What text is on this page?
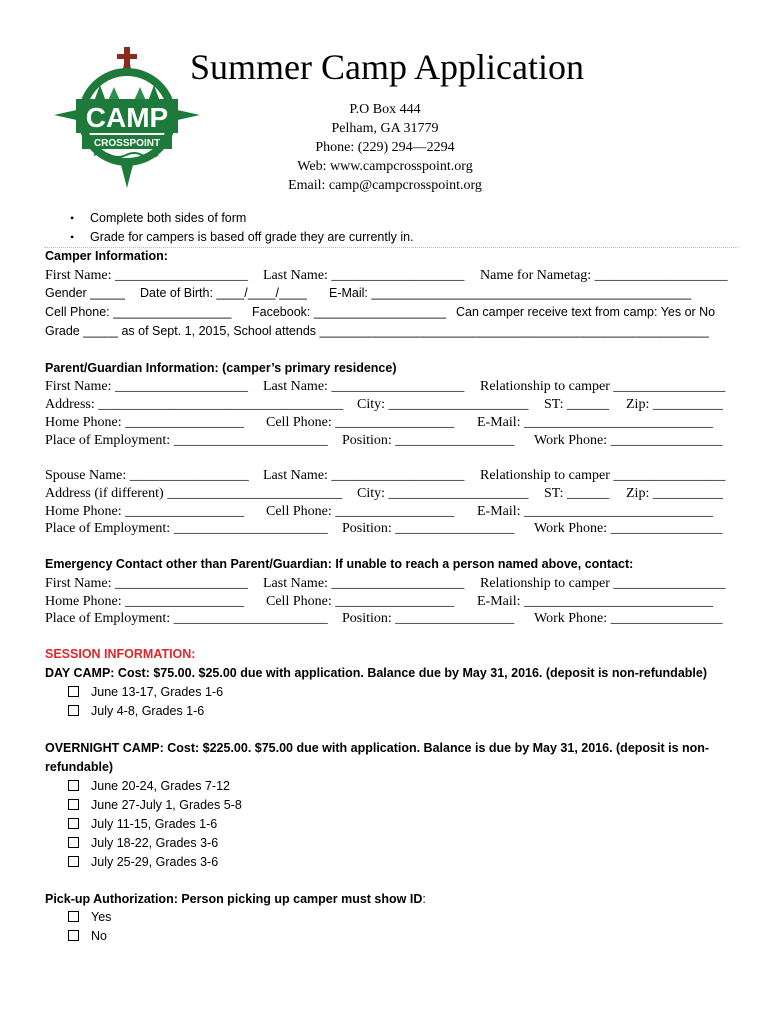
CAMP
CROSSPOINT
Summer Camp Application
P.O Box 444
Pelham, GA 31779
Phone: (229) 294—2294
Web: www.campcrosspoint.org
Email: camp@campcrosspoint.org
• Complete both sides of form
• Grade for campers is based off grade they are currently in.
Camper Information:
First Name: ___________________ Last Name: ___________________ Name for Nametag: ___________________
Gender _____ Date of Birth: ____/____/____ E-Mail: ______________________________________________
Cell Phone: _________________ Facebook: ___________________ Can camper receive text from camp: Yes or No
Grade _____ as of Sept. 1, 2015, School attends ________________________________________________________
Parent/Guardian Information: (camper’s primary residence)
First Name: ___________________ Last Name: ___________________ Relationship to camper ________________
Address: ___________________________________ City: ____________________ ST: ______ Zip: __________
Home Phone: _________________ Cell Phone: _________________ E-Mail: ___________________________
Place of Employment: ______________________ Position: _________________ Work Phone: ________________
Spouse Name: _________________ Last Name: ___________________ Relationship to camper ________________
Address (if different) _________________________ City: ____________________ ST: ______ Zip: __________
Home Phone: _________________ Cell Phone: _________________ E-Mail: ___________________________
Place of Employment: ______________________ Position: _________________ Work Phone: ________________
Emergency Contact other than Parent/Guardian: If unable to reach a person named above, contact:
First Name: ___________________ Last Name: ___________________ Relationship to camper ________________
Home Phone: _________________ Cell Phone: _________________ E-Mail: ___________________________
Place of Employment: ______________________ Position: _________________ Work Phone: ________________
SESSION INFORMATION:
DAY CAMP: Cost: $75.00. $25.00 due with application. Balance due by May 31, 2016. (deposit is non-refundable)
June 13-17, Grades 1-6
July 4-8, Grades 1-6
OVERNIGHT CAMP: Cost: $225.00. $75.00 due with application. Balance is due by May 31, 2016. (deposit is non-
refundable)
June 20-24, Grades 7-12
June 27-July 1, Grades 5-8
July 11-15, Grades 1-6
July 18-22, Grades 3-6
July 25-29, Grades 3-6
Pick-up Authorization: Person picking up camper must show ID:
Yes
No
